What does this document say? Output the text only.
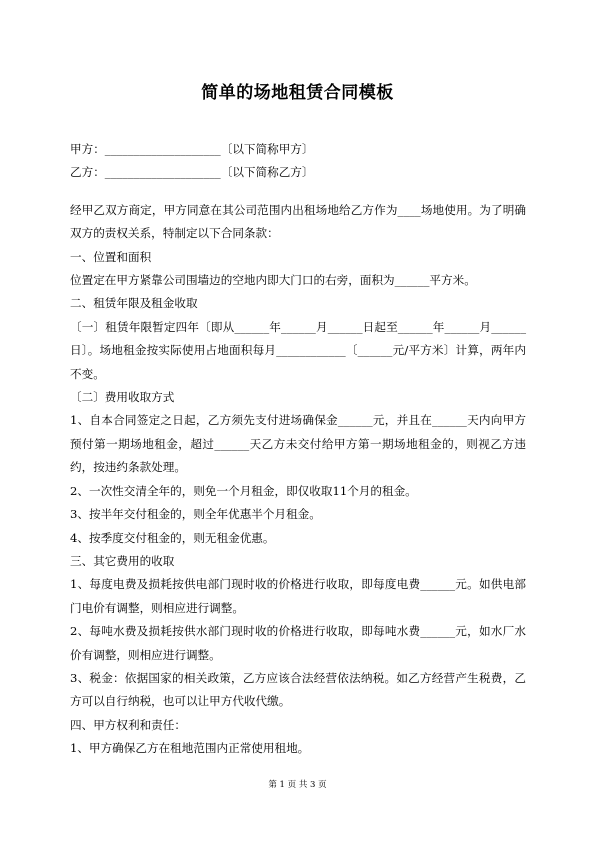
简单的场地租赁合同模板
甲方：____________________〔以下简称甲方〕
乙方：____________________〔以下简称乙方〕
经甲乙双方商定，甲方同意在其公司范围内出租场地给乙方作为____场地使用。为了明确双方的责权关系，特制定以下合同条款：
一、位置和面积
位置定在甲方紧靠公司围墙边的空地内即大门口的右旁，面积为______平方米。
二、租赁年限及租金收取
〔一〕租赁年限暂定四年〔即从______年______月______日起至______年______月______日〕。场地租金按实际使用占地面积每月____________〔______元/平方米〕计算，两年内不变。
〔二〕费用收取方式
1、自本合同签定之日起，乙方须先支付进场确保金______元，并且在______天内向甲方预付第一期场地租金，超过______天乙方未交付给甲方第一期场地租金的，则视乙方违约，按违约条款处理。
2、一次性交清全年的，则免一个月租金，即仅收取11个月的租金。
3、按半年交付租金的，则全年优惠半个月租金。
4、按季度交付租金的，则无租金优惠。
三、其它费用的收取
1、每度电费及损耗按供电部门现时收的价格进行收取，即每度电费______元。如供电部门电价有调整，则相应进行调整。
2、每吨水费及损耗按供水部门现时收的价格进行收取，即每吨水费______元，如水厂水价有调整，则相应进行调整。
3、税金：依据国家的相关政策，乙方应该合法经营依法纳税。如乙方经营产生税费，乙方可以自行纳税，也可以让甲方代收代缴。
四、甲方权利和责任：
1、甲方确保乙方在租地范围内正常使用租地。
第 1 页 共 3 页
